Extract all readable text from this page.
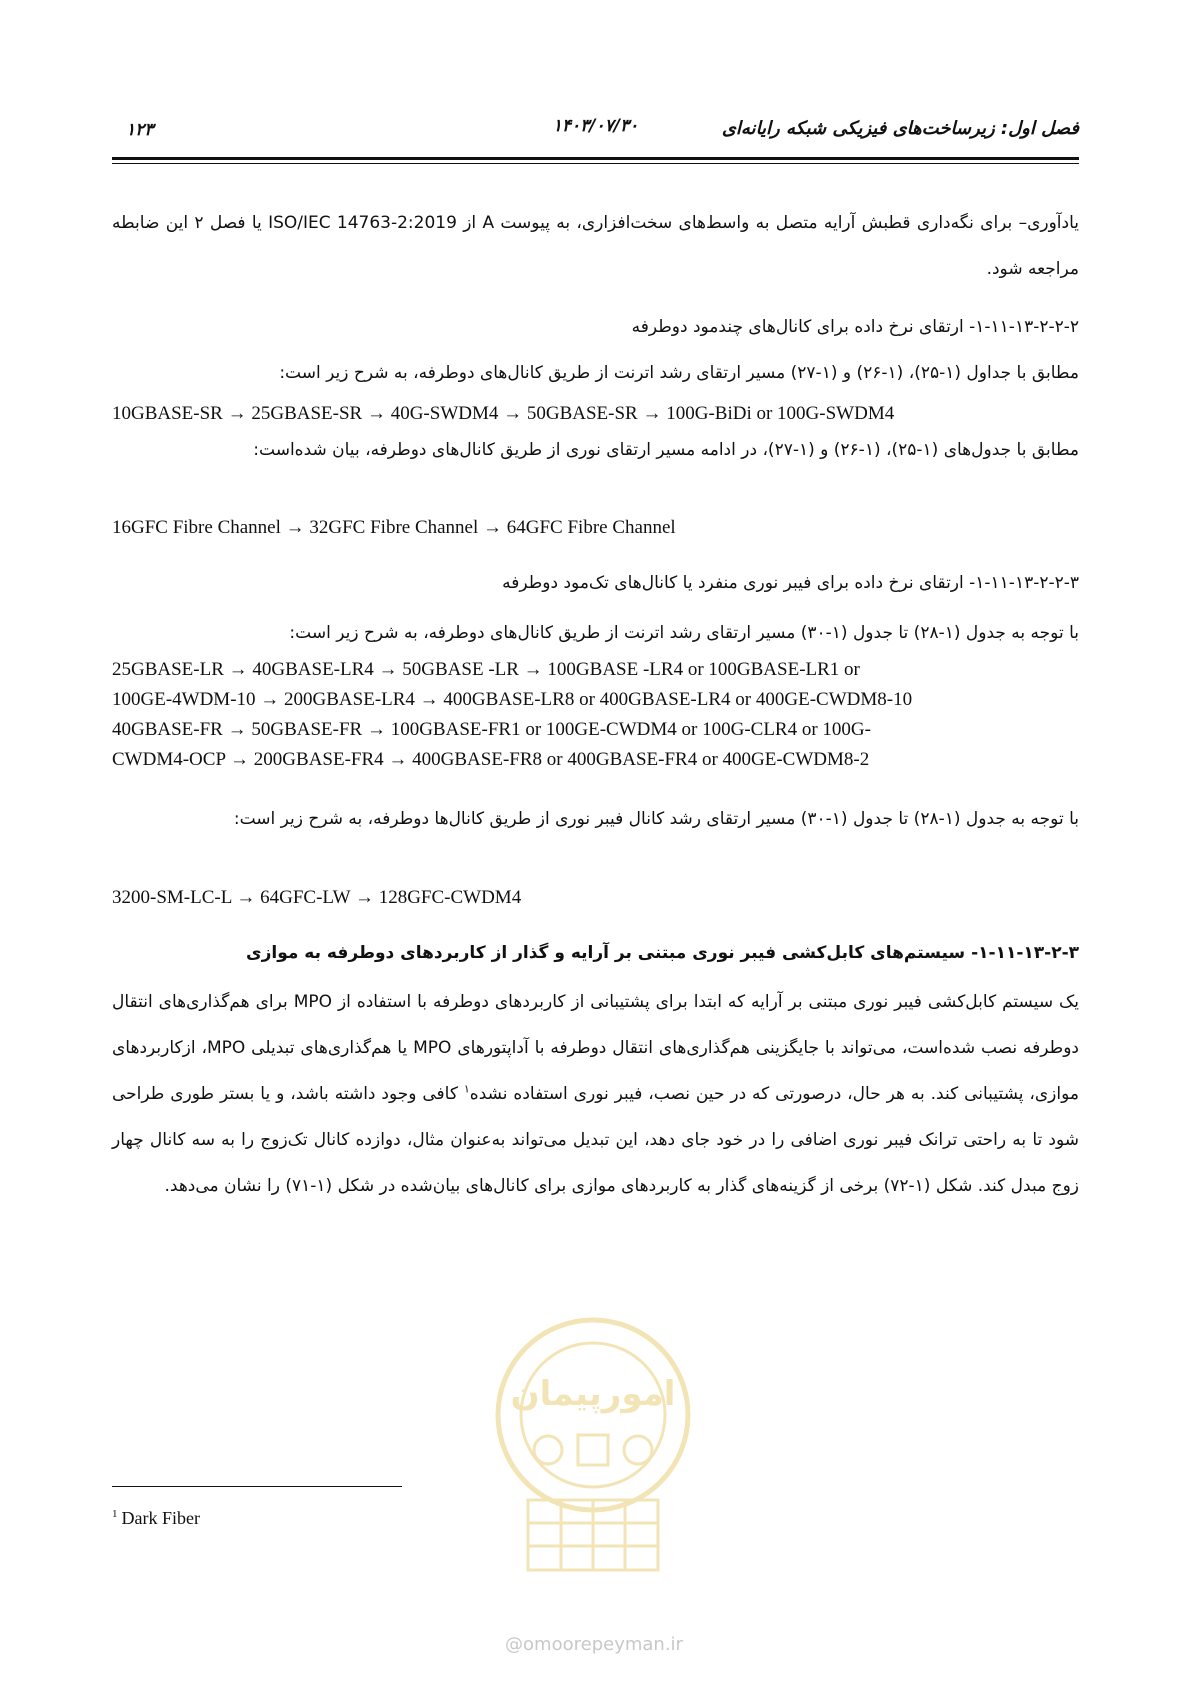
فصل اول: زیرساخت‌های فیزیکی شبکه رایانه‌ای
۱۴۰۳/۰۷/۳۰
۱۲۳
یادآوری– برای نگه‌داری قطبش آرایه متصل به واسط‌های سخت‌افزاری، به پیوست A از ISO/IEC 14763-2:2019 یا فصل ۲ این ضابطه مراجعه شود.
۱-۱۱-۱۳-۲-۲-۲- ارتقای نرخ داده برای کانال‌های چندمود دوطرفه
مطابق با جداول (۱-۲۵)، (۱-۲۶) و (۱-۲۷) مسیر ارتقای رشد اترنت از طریق کانال‌های دوطرفه، به شرح زیر است:
10GBASE-SR → 25GBASE-SR → 40G-SWDM4 → 50GBASE-SR → 100G-BiDi or 100G-SWDM4
مطابق با جدول‌های (۱-۲۵)، (۱-۲۶) و (۱-۲۷)، در ادامه مسیر ارتقای نوری از طریق کانال‌های دوطرفه، بیان شده‌است:
16GFC Fibre Channel → 32GFC Fibre Channel → 64GFC Fibre Channel
۱-۱۱-۱۳-۲-۲-۳- ارتقای نرخ داده برای فیبر نوری منفرد یا کانال‌های تک‌مود دوطرفه
با توجه به جدول (۱-۲۸) تا جدول (۱-۳۰) مسیر ارتقای رشد اترنت از طریق کانال‌های دوطرفه، به شرح زیر است:
25GBASE-LR → 40GBASE-LR4 → 50GBASE -LR → 100GBASE -LR4 or 100GBASE-LR1 or
100GE-4WDM-10 → 200GBASE-LR4 → 400GBASE-LR8 or 400GBASE-LR4 or 400GE-CWDM8-10
40GBASE-FR → 50GBASE-FR → 100GBASE-FR1 or 100GE-CWDM4 or 100G-CLR4 or 100G-
CWDM4-OCP → 200GBASE-FR4 → 400GBASE-FR8 or 400GBASE-FR4 or 400GE-CWDM8-2
با توجه به جدول (۱-۲۸) تا جدول (۱-۳۰) مسیر ارتقای رشد کانال فیبر نوری از طریق کانال‌ها دوطرفه، به شرح زیر است:
3200-SM-LC-L → 64GFC-LW → 128GFC-CWDM4
۱-۱۱-۱۳-۲-۳- سیستم‌های کابل‌کشی فیبر نوری مبتنی بر آرایه و گذار از کاربردهای دوطرفه به موازی
یک سیستم کابل‌کشی فیبر نوری مبتنی بر آرایه که ابتدا برای پشتیبانی از کاربردهای دوطرفه با استفاده از MPO برای هم‌گذاری‌های انتقال دوطرفه نصب شده‌است، می‌تواند با جایگزینی هم‌گذاری‌های انتقال دوطرفه با آداپتورهای MPO یا هم‌گذاری‌های تبدیلی MPO، ازکاربردهای موازی، پشتیبانی کند. به هر حال، درصورتی که در حین نصب، فیبر نوری استفاده نشده$^۱$ کافی وجود داشته باشد، و یا بستر طوری طراحی شود تا به راحتی ترانک فیبر نوری اضافی را در خود جای دهد، این تبدیل می‌تواند به‌عنوان مثال، دوازده کانال تک‌زوج را به سه کانال چهار زوج مبدل کند. شکل (۱-۷۲) برخی از گزینه‌های گذار به کاربردهای موازی برای کانال‌های بیان‌شده در شکل (۱-۷۱) را نشان می‌دهد.
امورپیمان
@omoorepeyman.ir
$^1$ Dark Fiber
